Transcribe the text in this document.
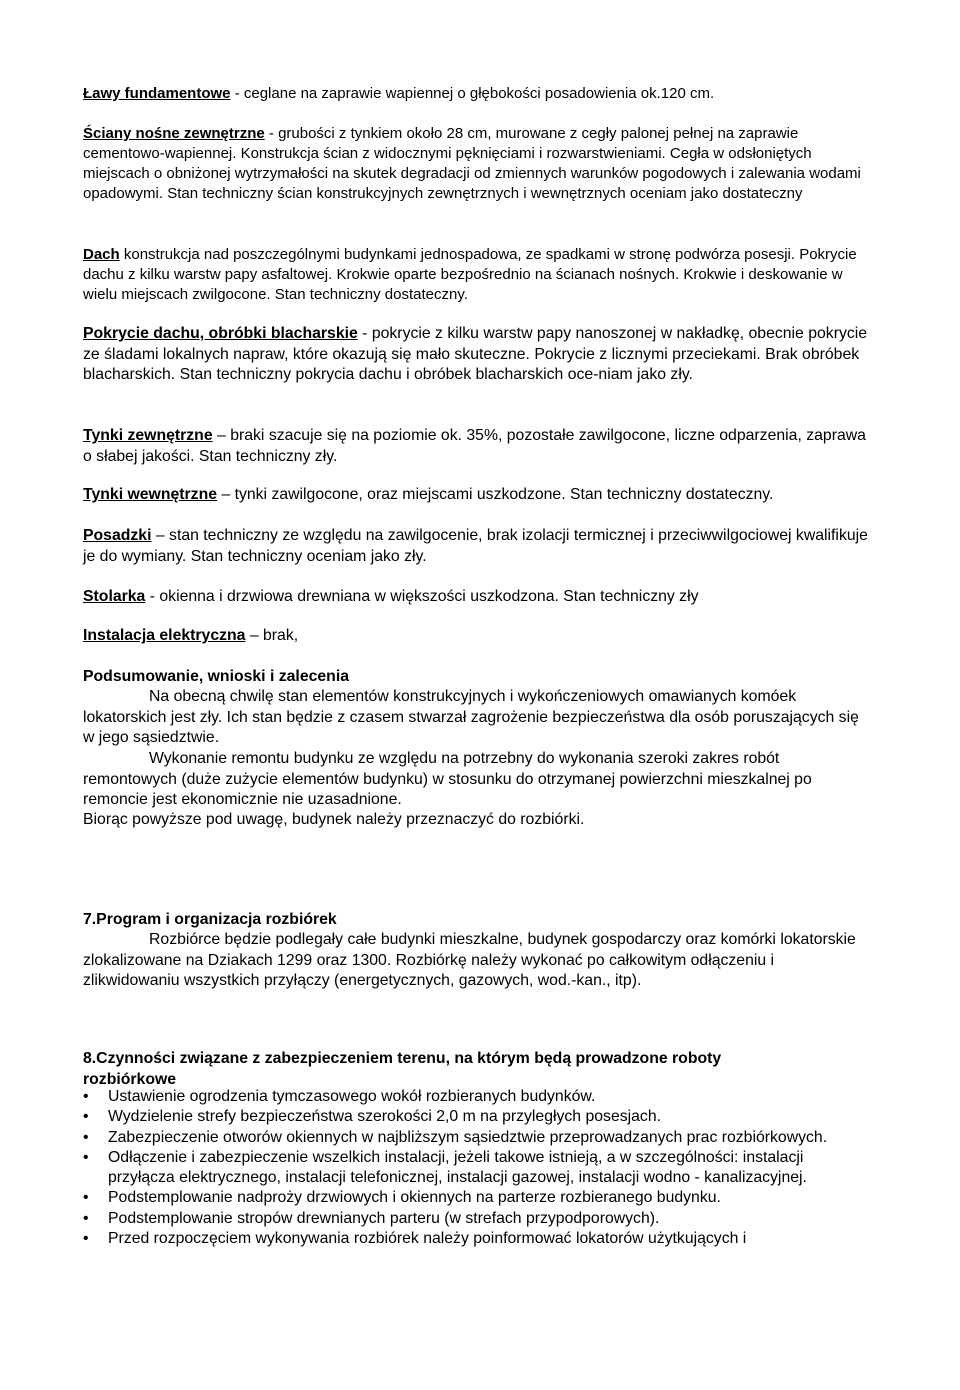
Ławy fundamentowe - ceglane na zaprawie wapiennej o głębokości posadowienia ok.120 cm.

Ściany nośne zewnętrzne - grubości z tynkiem około 28 cm, murowane z cegły palonej pełnej na zaprawie cementowo-wapiennej. Konstrukcja ścian z widocznymi pęknięciami i rozwarstwieniami. Cegła w odsłoniętych miejscach o obniżonej wytrzymałości na skutek degradacji od zmiennych warunków pogodowych i zalewania wodami opadowymi. Stan techniczny ścian konstrukcyjnych zewnętrznych i wewnętrznych oceniam jako dostateczny

Dach konstrukcja nad poszczególnymi budynkami jednospadowa, ze spadkami w stronę podwórza posesji. Pokrycie dachu z kilku warstw papy asfaltowej. Krokwie oparte bezpośrednio na ścianach nośnych. Krokwie i deskowanie w wielu miejscach zwilgocone. Stan techniczny dostateczny.

Pokrycie dachu, obróbki blacharskie - pokrycie z kilku warstw papy nanoszonej w nakładkę, obecnie pokrycie ze śladami lokalnych napraw, które okazują się mało skuteczne. Pokrycie z licznymi przeciekami. Brak obróbek blacharskich. Stan techniczny pokrycia dachu i obróbek blacharskich oce-niam jako zły.

Tynki zewnętrzne – braki szacuje się na poziomie ok. 35%, pozostałe zawilgocone, liczne odparzenia, zaprawa o słabej jakości. Stan techniczny zły.

Tynki wewnętrzne – tynki zawilgocone, oraz miejscami uszkodzone. Stan techniczny dostateczny.

Posadzki – stan techniczny ze względu na zawilgocenie, brak izolacji termicznej i przeciwwilgociowej kwalifikuje je do wymiany. Stan techniczny oceniam jako zły.

Stolarka - okienna i drzwiowa drewniana w większości uszkodzona. Stan techniczny zły

Instalacja elektryczna – brak,

Podsumowanie, wnioski i zalecenia

Na obecną chwilę stan elementów konstrukcyjnych i wykończeniowych omawianych komóek lokatorskich jest zły. Ich stan będzie z czasem stwarzał zagrożenie bezpieczeństwa dla osób poruszających się w jego sąsiedztwie.

Wykonanie remontu budynku ze względu na potrzebny do wykonania szeroki zakres robót remontowych (duże zużycie elementów budynku) w stosunku do otrzymanej powierzchni mieszkalnej po remoncie jest ekonomicznie nie uzasadnione.

Biorąc powyższe pod uwagę, budynek należy przeznaczyć do rozbiórki.

7.Program i organizacja rozbiórek

Rozbiórce będzie podlegały całe budynki mieszkalne, budynek gospodarczy oraz komórki lokatorskie zlokalizowane na Dziakach 1299 oraz 1300. Rozbiórkę należy wykonać po całkowitym odłączeniu i zlikwidowaniu wszystkich przyłączy (energetycznych, gazowych, wod.-kan., itp).

8.Czynności związane z zabezpieczeniem terenu, na którym będą prowadzone roboty rozbiórkowe

• Ustawienie ogrodzenia tymczasowego wokół rozbieranych budynków.
• Wydzielenie strefy bezpieczeństwa szerokości 2,0 m na przyległych posesjach.
• Zabezpieczenie otworów okiennych w najbliższym sąsiedztwie przeprowadzanych prac rozbiórkowych.
• Odłączenie i zabezpieczenie wszelkich instalacji, jeżeli takowe istnieją, a w szczególności: instalacji przyłącza elektrycznego, instalacji telefonicznej, instalacji gazowej, instalacji wodno - kanalizacyjnej.
• Podstemplowanie nadproży drzwiowych i okiennych na parterze rozbieranego budynku.
• Podstemplowanie stropów drewnianych parteru (w strefach przypodporowych).
• Przed rozpoczęciem wykonywania rozbiórek należy poinformować lokatorów użytkujących i
